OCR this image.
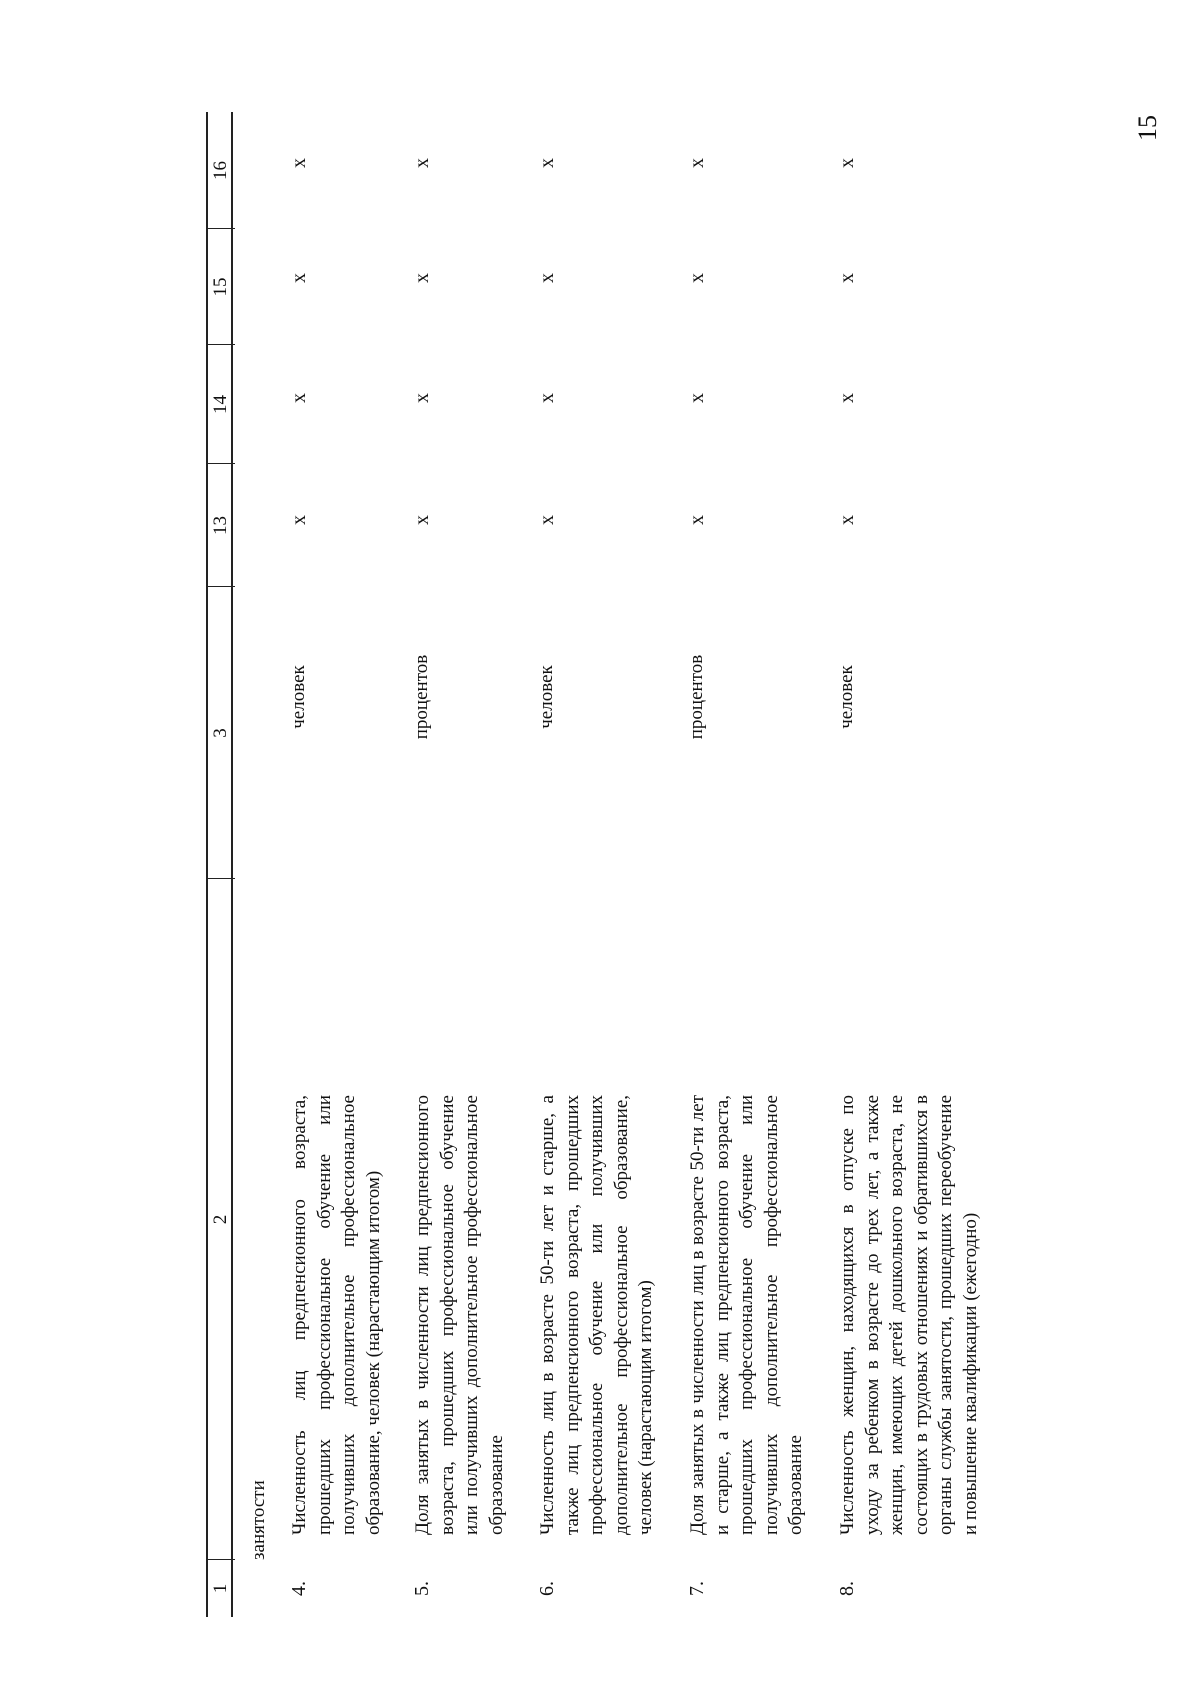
15
1
2
3
13
14
15
16
занятости
4.
Численность лиц предпенсионного возраста, прошедших профессиональное обучение или получивших дополнительное профессиональное образование, человек (нарастающим итогом)
человек
x
x
x
x
5.
Доля занятых в численности лиц предпенсионного возраста, прошедших профессиональное обучение или получивших дополнительное профессиональное образование
процентов
x
x
x
x
6.
Численность лиц в возрасте 50-ти лет и старше, а также лиц предпенсионного возраста, прошедших профессиональное обучение или получивших дополнительное профессиональное образование, человек (нарастающим итогом)
человек
x
x
x
x
7.
Доля занятых в численности лиц в возрасте 50-ти лет и старше, а также лиц предпенсионного возраста, прошедших профессиональное обучение или получивших дополнительное профессиональное образование
процентов
x
x
x
x
8.
Численность женщин, находящихся в отпуске по уходу за ребенком в возрасте до трех лет, а также женщин, имеющих детей дошкольного возраста, не состоящих в трудовых отношениях и обратившихся в органы службы занятости, прошедших переобучение и повышение квалификации (ежегодно)
человек
x
x
x
x
